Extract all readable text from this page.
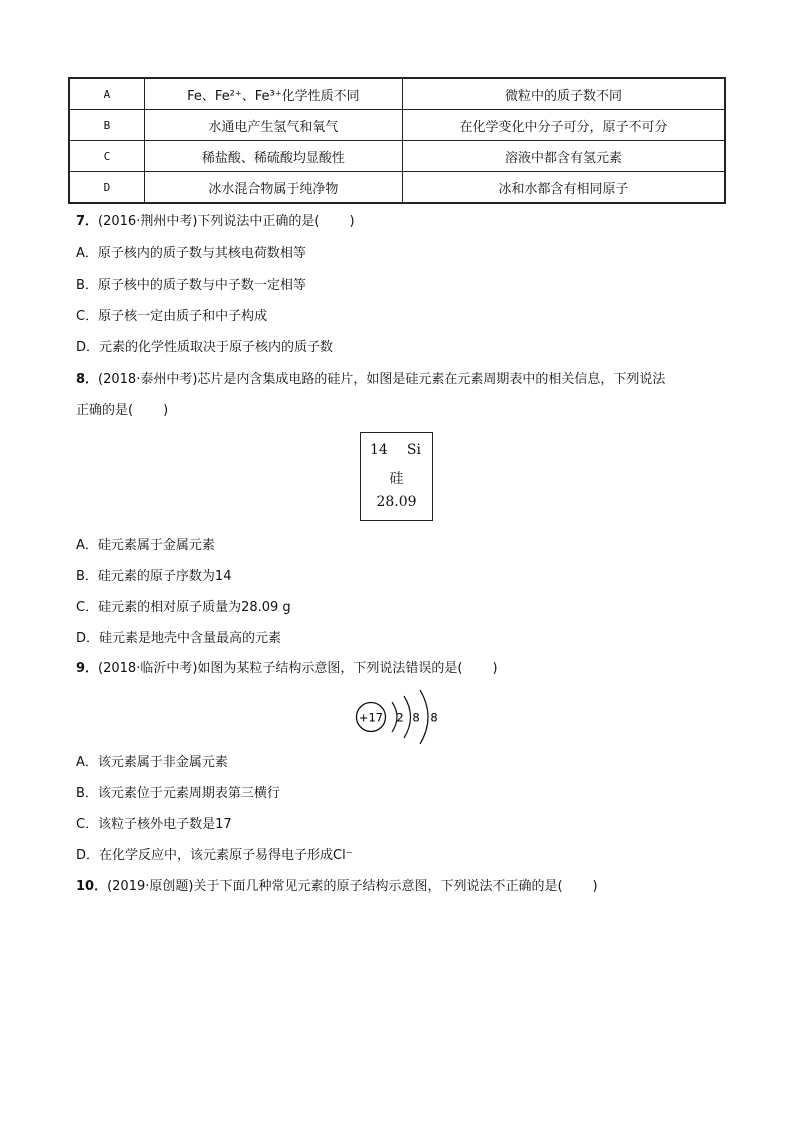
A	Fe、Fe²⁺、Fe³⁺化学性质不同	微粒中的质子数不同
B	水通电产生氢气和氧气	在化学变化中分子可分，原子不可分
C	稀盐酸、稀硫酸均显酸性	溶液中都含有氢元素
D	冰水混合物属于纯净物	冰和水都含有相同原子
7．(2016·荆州中考)下列说法中正确的是( )
A．原子核内的质子数与其核电荷数相等
B．原子核中的质子数与中子数一定相等
C．原子核一定由质子和中子构成
D．元素的化学性质取决于原子核内的质子数
8．(2018·泰州中考)芯片是内含集成电路的硅片，如图是硅元素在元素周期表中的相关信息，下列说法
正确的是( )
14 Si
硅
28.09
A．硅元素属于金属元素
B．硅元素的原子序数为14
C．硅元素的相对原子质量为28.09 g
D．硅元素是地壳中含量最高的元素
9．(2018·临沂中考)如图为某粒子结构示意图，下列说法错误的是( )
+17 2 8 8
A．该元素属于非金属元素
B．该元素位于元素周期表第三横行
C．该粒子核外电子数是17
D．在化学反应中，该元素原子易得电子形成Cl⁻
10．(2019·原创题)关于下面几种常见元素的原子结构示意图，下列说法不正确的是( )
